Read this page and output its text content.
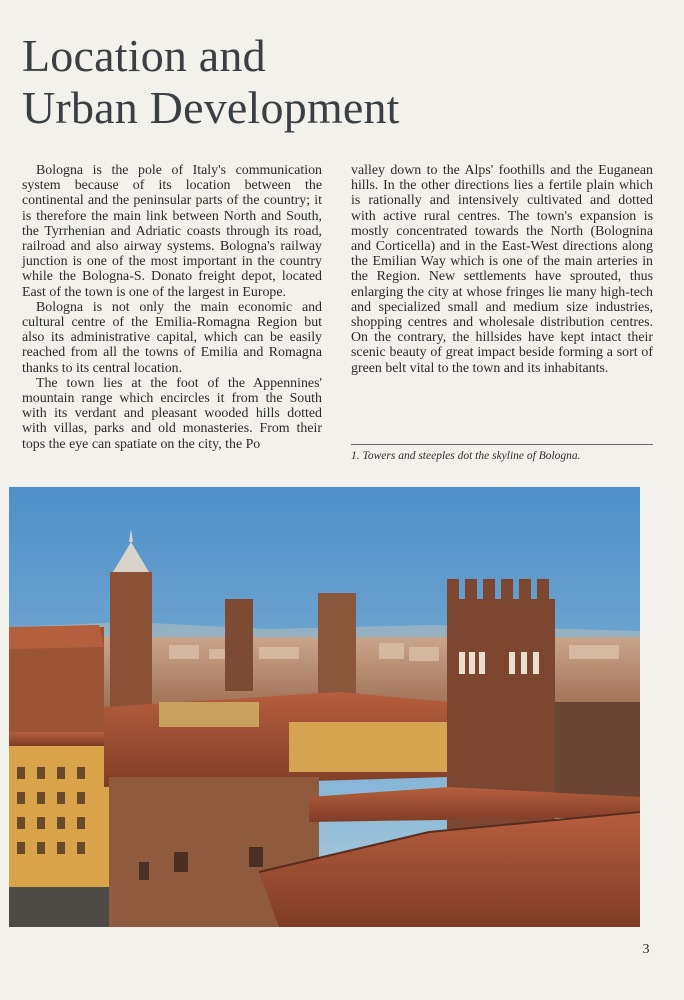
Location and
Urban Development

Bologna is the pole of Italy's communication system because of its location between the continental and the peninsular parts of the country; it is therefore the main link between North and South, the Tyrrhenian and Adriatic coasts through its road, railroad and also airway systems. Bologna's railway junction is one of the most important in the country while the Bologna-S. Donato freight depot, located East of the town is one of the largest in Europe.

Bologna is not only the main economic and cultural centre of the Emilia-Romagna Region but also its administrative capital, which can be easily reached from all the towns of Emilia and Romagna thanks to its central location.

The town lies at the foot of the Appennines' mountain range which encircles it from the South with its verdant and pleasant wooded hills dotted with villas, parks and old monasteries. From their tops the eye can spatiate on the city, the Po

valley down to the Alps' foothills and the Euganean hills. In the other directions lies a fertile plain which is rationally and intensively cultivated and dotted with active rural centres. The town's expansion is mostly concentrated towards the North (Bolognina and Corticella) and in the East-West directions along the Emilian Way which is one of the main arteries in the Region. New settlements have sprouted, thus enlarging the city at whose fringes lie many high-tech and specialized small and medium size industries, shopping centres and wholesale distribution centres. On the contrary, the hillsides have kept intact their scenic beauty of great impact beside forming a sort of green belt vital to the town and its inhabitants.

1. Towers and steeples dot the skyline of Bologna.
3
